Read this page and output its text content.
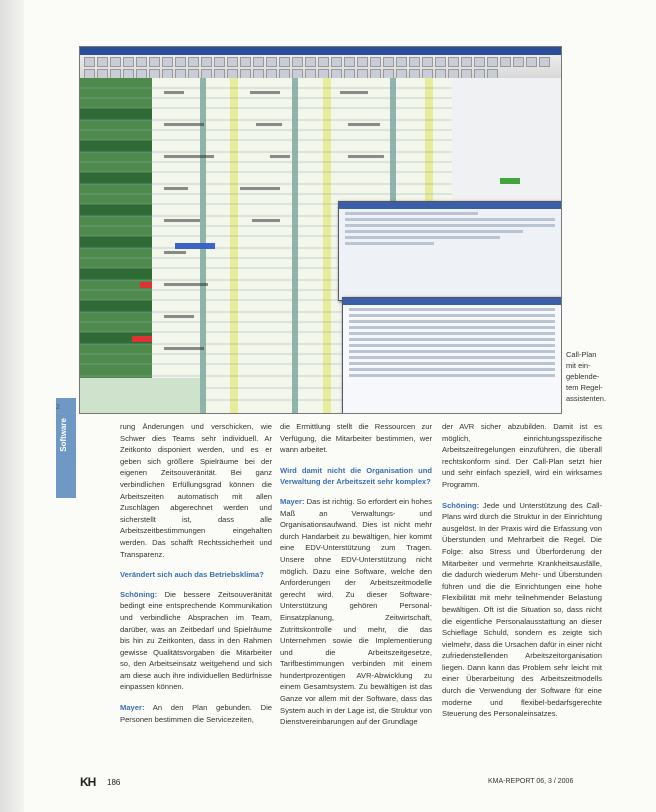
Software
2
Call-Plan
mit ein-
geblende-
tem Regel-
assistenten.

rung Änderungen und verschicken, wie Schwer dies Teams sehr individuell. Ar Zeitkonto disponiert werden, und es er geben sich größere Spielräume bei der eigenen Zeitsouveränität. Bei ganz verbindlichen Erfüllungsgrad können die Arbeitszeiten automatisch mit allen Zuschlägen abgerechnet werden und sicherstellt ist, dass alle Arbeitszeitbestimmungen eingehalten werden. Das schafft Rechtssicherheit und Transparenz.

Verändert sich auch das Betriebsklima?

Schöning: Die bessere Zeitsouveränität bedingt eine entsprechende Kommunikation und verbindliche Absprachen im Team, darüber, was an Zeitbedarf und Spielräume bis hin zu Zeitkonten, dass in den Rahmen gewisse Qualitätsvorgaben die Mitarbeiter so, den Arbeitseinsatz weitgehend und sich am diese auch ihre individuellen Bedürfnisse einpassen können.

Mayer: An den Plan gebunden. Die Personen bestimmen die Servicezeiten,

die Ermittlung stellt die Ressourcen zur Verfügung, die Mitarbeiter bestimmen, wer wann arbeitet.

Wird damit nicht die Organisation und Verwaltung der Arbeitszeit sehr komplex?

Mayer: Das ist richtig. So erfordert ein hohes Maß an Verwaltungs- und Organisationsaufwand. Dies ist nicht mehr durch Handarbeit zu bewältigen, hier kommt eine EDV-Unterstützung zum Tragen. Unsere ohne EDV-Unterstützung nicht möglich. Dazu eine Software, welche den Anforderungen der Arbeitszeitmodelle gerecht wird. Zu dieser Software-Unterstützung gehören Personal-Einsatzplanung, Zeitwirtschaft, Zutrittskontrolle und mehr, die das Unternehmen sowie die Implementierung und die Arbeitszeitgesetze, Tarifbestimmungen verbinden mit einem hundertprozentigen AVR-Abwicklung zu einem Gesamtsystem. Zu bewältigen ist das Ganze vor allem mit der Software, dass das System auch in der Lage ist, die Struktur von Dienstvereinbarungen auf der Grundlage

der AVR sicher abzubilden. Damit ist es möglich, einrichtungsspezifische Arbeitszeitregelungen einzuführen, die überall rechtskonform sind. Der Call-Plan setzt hier und sehr einfach speziell, wird ein wirksames Programm.

Schöning: Jede und Unterstützung des Call-Plans wird durch die Struktur in der Einrichtung ausgelöst. In der Praxis wird die Erfassung von Überstunden und Mehrarbeit die Regel. Die Folge: also Stress und Überforderung der Mitarbeiter und vermehrte Krankheitsausfälle, die dadurch wiederum Mehr- und Überstunden führen und die die Einrichtungen eine hohe Flexibilität mit mehr teilnehmender Belastung bewältigen. Oft ist die Situation so, dass nicht die eigentliche Personalausstattung an dieser Schieflage Schuld, sondern es zeigte sich vielmehr, dass die Ursachen dafür in einer nicht zufriedenstellenden Arbeitszeitorganisation liegen. Dann kann das Problem sehr leicht mit einer Überarbeitung des Arbeitszeitmodells durch die Verwendung der Software für eine moderne und flexibel-bedarfsgerechte Steuerung des Personaleinsatzes.

KH 186	KMA-REPORT 06, 3 / 2006
